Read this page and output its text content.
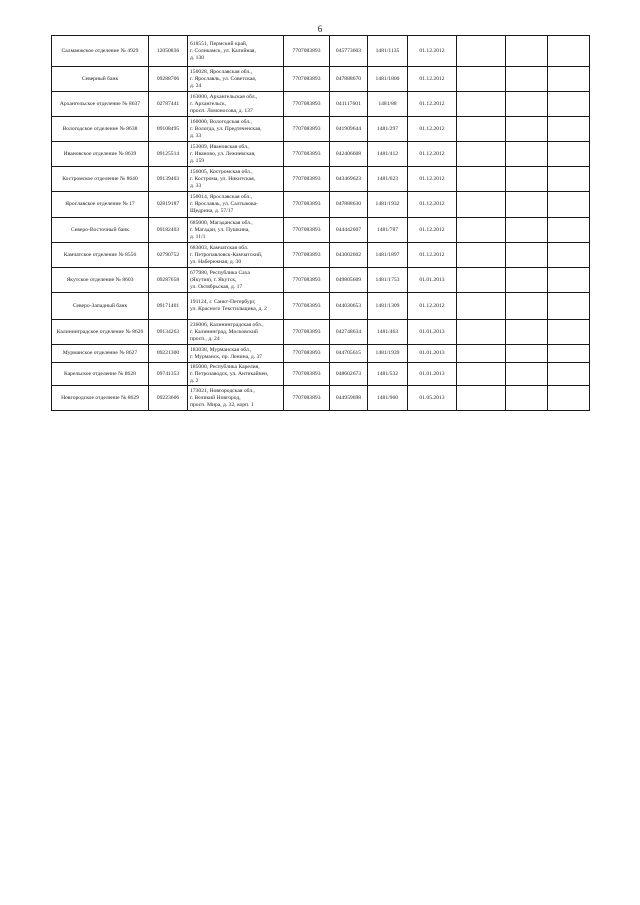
6
Салманжское отделение № 4929	12050836	618551, Пермский край,
г. Соликамск, ул. Калийная,
д. 130	7707083893	045773603	1481/1135	01.12.2012			
Северный банк	09288706	150028, Ярославская обл.,
г. Ярославль, ул. Советская,
д. 34	7707083893	047888670	1481/1800	01.12.2012			
Архангельское отделение № 8637	02787441	163000, Архангельская обл.,
г. Архангельск,
просп. Ломоносова, д. 137	7707083893	041117601	1481/88	01.12.2012			
Вологодское отделение № 8638	09108495	160000, Вологодская обл.,
г. Вологда, ул. Предтеченская,
д. 33	7707083893	041909644	1481/297	01.12.2012			
Ивановское отделение № 8639	09125514	153009, Ивановская обл.,
г. Иваново, ул. Лежневская,
д. 159	7707083893	042406608	1481/412	01.12.2012			
Костромское отделение № 8640	09139403	156005, Костромская обл.,
г. Кострома, ул. Никитская,
д. 33	7707083893	043469623	1481/623	01.12.2012			
Ярославское отделение № 17	02819187	150014, Ярославская обл.,
г. Ярославль, ул. Салтыкова-
Щедрина, д. 57/17	7707083893	047888630	1481/1932	01.12.2012			
Северо-Восточный банк	09182403	685000, Магаданская обл.,
г. Магадан, ул. Пушкина,
д. 11/1	7707083893	044442607	1481/787	01.12.2012			
Камчатское отделение № 8556	02790752	683003, Камчатская обл.
г. Петропавловск-Камчатский,
ул. Набережная, д. 30	7707083893	043002602	1481/1897	01.12.2012			
Якутское отделение № 8603	09287658	677980, Республика Саха
(Якутия), г. Якутск,
ул. Октябрьская, д. 17	7707083893	049805609	1481/1753	01.01.2013			
Северо-Западный банк	09171401	191124, г. Санкт-Петербург,
ул. Красного Текстильщика, д. 2	7707083893	044030653	1481/1309	01.12.2012			
Калининградское отделение № 8626	09134263	236006, Калининградская обл.,
г. Калининград, Московский
просп., д. 24	7707083893	042748634	1481/463	01.01.2013			
Мурманское отделение № 8627	09221300	183038, Мурманская обл.,
г. Мурманск, пр. Ленина, д. 37	7707083893	044705615	1481/1939	01.01.2013			
Карельское отделение № 8628	09741353	185000, Республика Карелия,
г. Петрозаводск, ул. Антикайнен,
д. 2	7707083893	048602673	1481/532	01.01.2013			
Новгородское отделение № 8629	09223606	173021, Новгородская обл.,
г. Великий Новгород,
просп. Мира, д. 32, корп. 1	7707083893	044959698	1481/960	01.05.2013			
